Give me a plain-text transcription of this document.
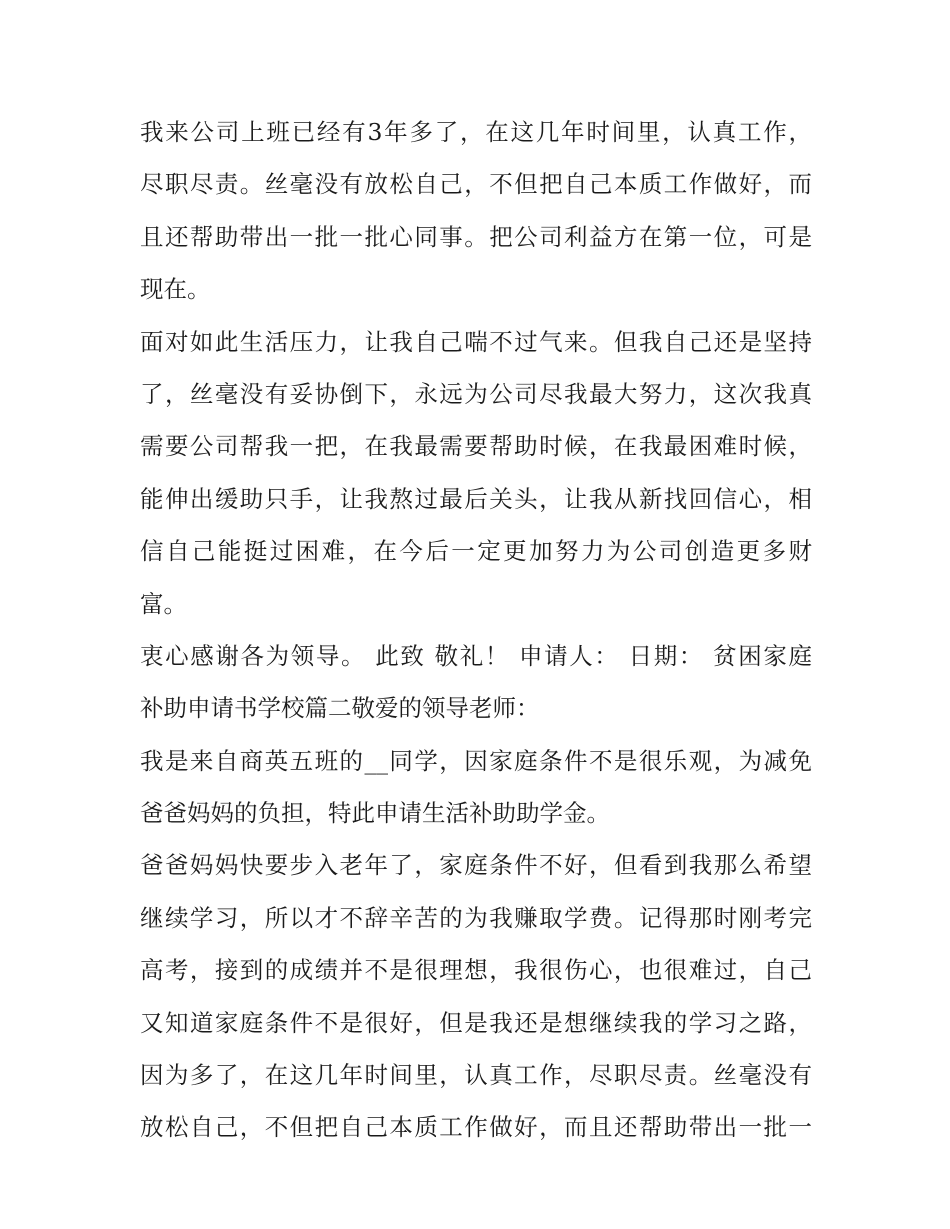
我来公司上班已经有3年多了，在这几年时间里，认真工作，
尽职尽责。丝毫没有放松自己，不但把自己本质工作做好，而
且还帮助带出一批一批心同事。把公司利益方在第一位，可是
现在。
面对如此生活压力，让我自己喘不过气来。但我自己还是坚持
了，丝毫没有妥协倒下，永远为公司尽我最大努力，这次我真
需要公司帮我一把，在我最需要帮助时候，在我最困难时候，
能伸出缓助只手，让我熬过最后关头，让我从新找回信心，相
信自己能挺过困难，在今后一定更加努力为公司创造更多财
富。
衷心感谢各为领导。 此致 敬礼！ 申请人： 日期： 贫困家庭
补助申请书学校篇二敬爱的领导老师：
我是来自商英五班的__同学，因家庭条件不是很乐观，为减免
爸爸妈妈的负担，特此申请生活补助助学金。
爸爸妈妈快要步入老年了，家庭条件不好，但看到我那么希望
继续学习，所以才不辞辛苦的为我赚取学费。记得那时刚考完
高考，接到的成绩并不是很理想，我很伤心，也很难过，自己
又知道家庭条件不是很好，但是我还是想继续我的学习之路，
因为多了，在这几年时间里，认真工作，尽职尽责。丝毫没有
放松自己，不但把自己本质工作做好，而且还帮助带出一批一
